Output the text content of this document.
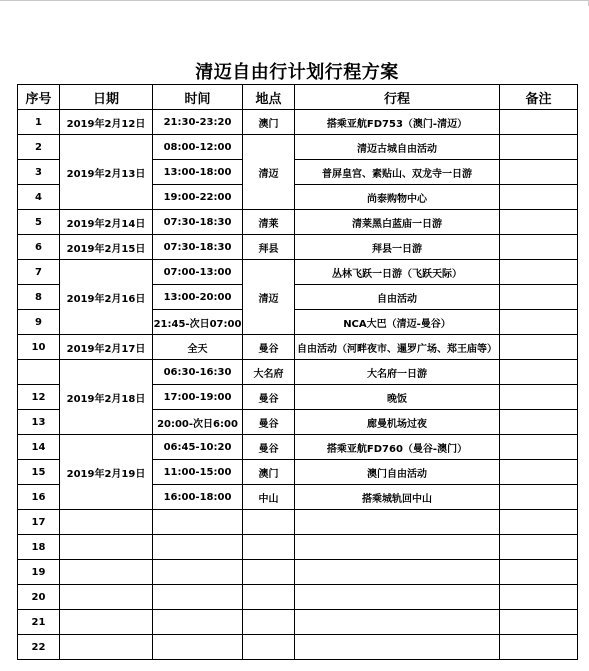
清迈自由行计划行程方案
序号	日期	时间	地点	行程	备注
1	2019年2月12日	21:30-23:20	澳门	搭乘亚航FD753（澳门-清迈）	
2	2019年2月13日	08:00-12:00	清迈	清迈古城自由活动	
3		13:00-18:00		普屏皇宫、素贴山、双龙寺一日游	
4		19:00-22:00		尚泰购物中心	
5	2019年2月14日	07:30-18:30	清莱	清莱黑白蓝庙一日游	
6	2019年2月15日	07:30-18:30	拜县	拜县一日游	
7	2019年2月16日	07:00-13:00	清迈	丛林飞跃一日游（飞跃天际）	
8		13:00-20:00		自由活动	
9		21:45-次日07:00		NCA大巴（清迈-曼谷）	
10	2019年2月17日	全天	曼谷	自由活动（河畔夜市、暹罗广场、郑王庙等）	
	2019年2月18日	06:30-16:30	大名府	大名府一日游	
12		17:00-19:00	曼谷	晚饭	
13		20:00-次日6:00	曼谷	廊曼机场过夜	
14	2019年2月19日	06:45-10:20	曼谷	搭乘亚航FD760（曼谷-澳门）	
15		11:00-15:00	澳门	澳门自由活动	
16		16:00-18:00	中山	搭乘城轨回中山	
17					
18					
19					
20					
21					
22					
